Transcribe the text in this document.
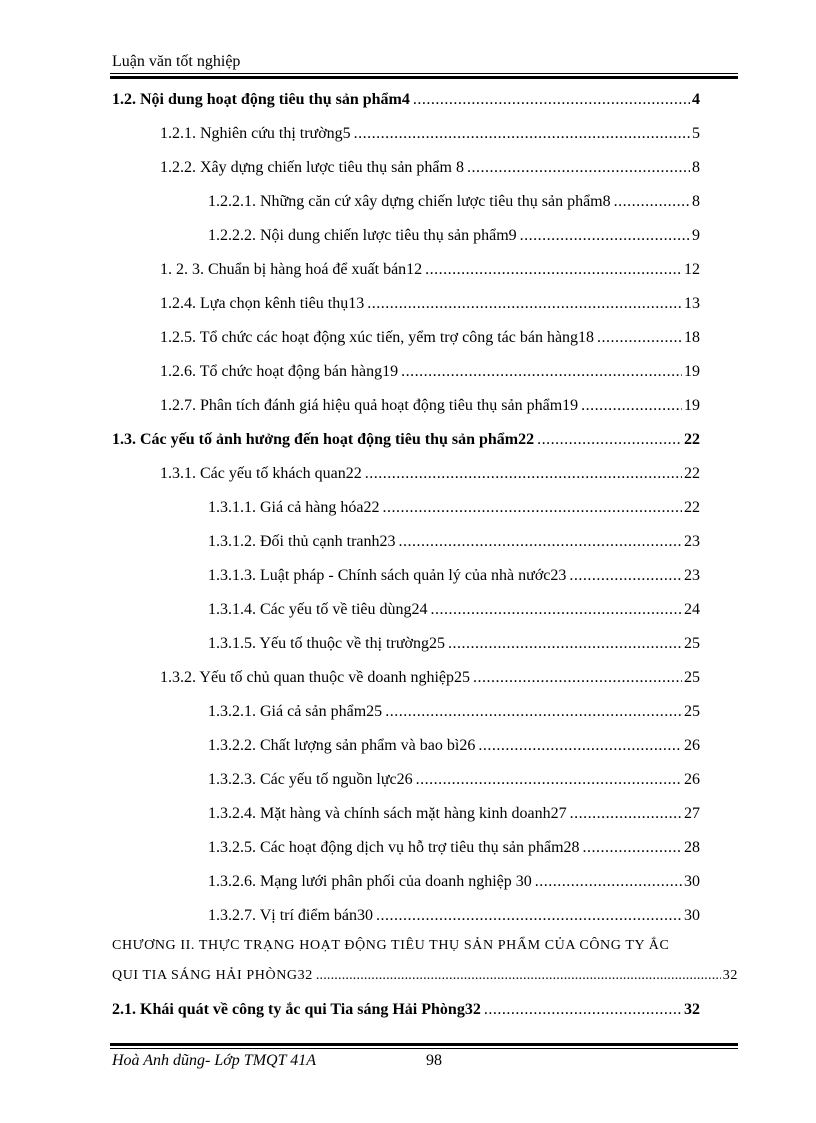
Luận văn tốt nghiệp
1.2. Nội dung hoạt động tiêu thụ sản phẩm4 .....	4
1.2.1. Nghiên cứu thị trường5 .....	5
1.2.2. Xây dựng chiến lược tiêu thụ sản phẩm 8 .....	8
1.2.2.1. Những căn cứ xây dựng chiến lược tiêu thụ sản phẩm8 .....	8
1.2.2.2. Nội dung chiến lược tiêu thụ sản phẩm9 .....	9
1. 2. 3. Chuẩn bị hàng hoá để xuất bán12 .....	12
1.2.4. Lựa chọn kênh tiêu thụ13 .....	13
1.2.5. Tổ chức các hoạt động xúc tiến, yểm trợ công tác bán hàng18 .....	18
1.2.6. Tổ chức hoạt động bán hàng19 .....	19
1.2.7. Phân tích đánh giá hiệu quả hoạt động tiêu thụ sản phẩm19 .....	19
1.3. Các yếu tố ảnh hưởng đến hoạt động tiêu thụ sản phẩm22 .....	22
1.3.1. Các yếu tố khách quan22 .....	22
1.3.1.1. Giá cả hàng hóa22 .....	22
1.3.1.2. Đối thủ cạnh tranh23 .....	23
1.3.1.3. Luật pháp - Chính sách quản lý của nhà nước23 .....	23
1.3.1.4. Các yếu tố về tiêu dùng24 .....	24
1.3.1.5. Yếu tố thuộc về thị trường25 .....	25
1.3.2. Yếu tố chủ quan thuộc về doanh nghiệp25 .....	25
1.3.2.1. Giá cả sản phẩm25 .....	25
1.3.2.2. Chất lượng sản phẩm và bao bì26 .....	26
1.3.2.3. Các yếu tố nguồn lực26 .....	26
1.3.2.4. Mặt hàng và chính sách mặt hàng kinh doanh27 .....	27
1.3.2.5. Các hoạt động dịch vụ hỗ trợ tiêu thụ sản phẩm28 .....	28
1.3.2.6. Mạng lưới phân phối của doanh nghiệp 30 .....	30
1.3.2.7. Vị trí điểm bán30 .....	30
CHƯƠNG II. THỰC TRẠNG HOẠT ĐỘNG TIÊU THỤ SẢN PHẨM CỦA CÔNG TY ẮC
QUI TIA SÁNG HẢI PHÒNG32 .....	32
2.1. Khái quát về công ty ắc qui Tia sáng Hải Phòng32 .....	32
Hoà Anh dũng- Lớp TMQT 41A	98
